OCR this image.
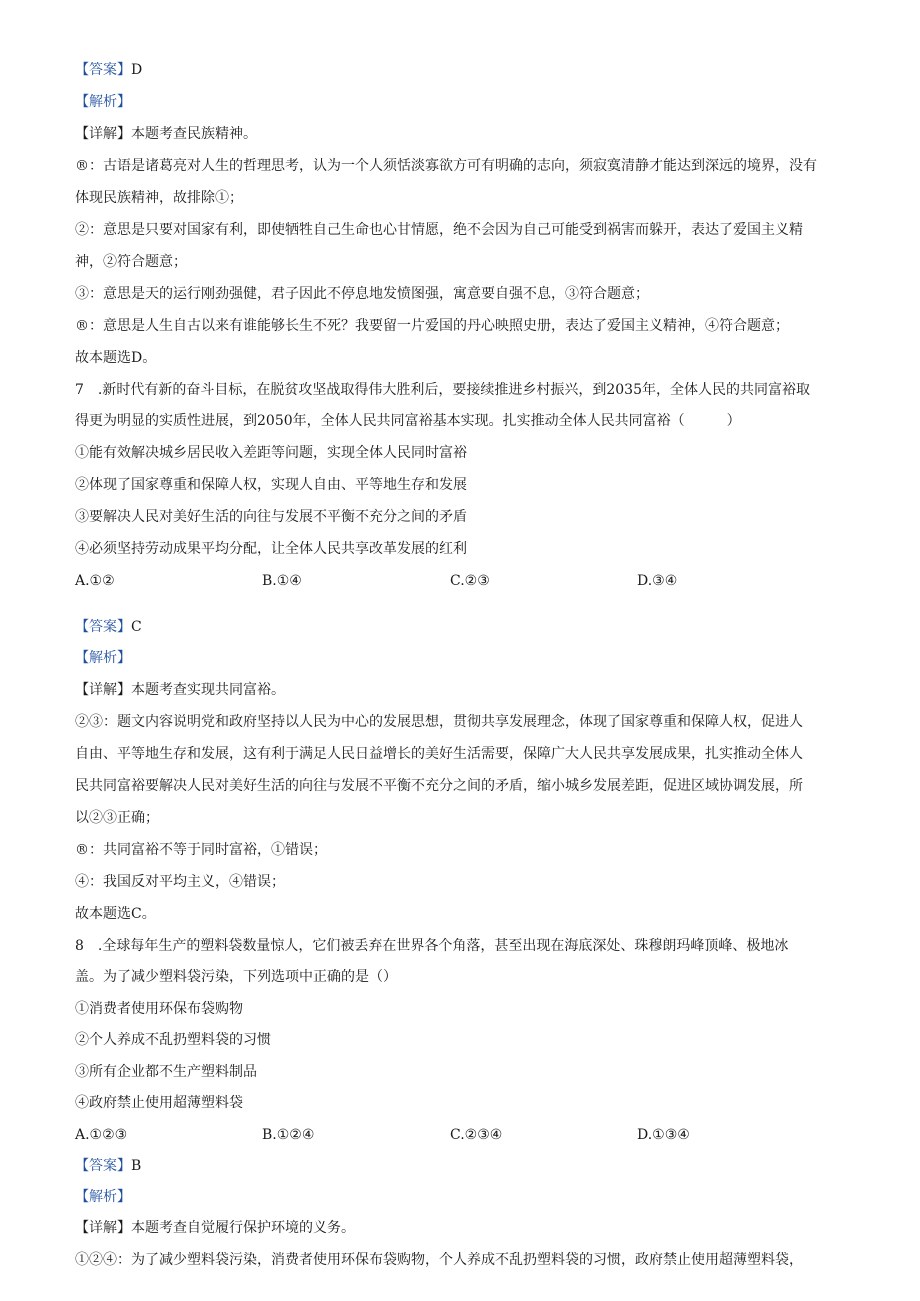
【答案】D
【解析】
【详解】本题考查民族精神。
®：古语是诸葛亮对人生的哲理思考，认为一个人须恬淡寡欲方可有明确的志向，须寂寞清静才能达到深远的境界，没有
体现民族精神，故排除①；
②：意思是只要对国家有利，即使牺牲自己生命也心甘情愿，绝不会因为自己可能受到祸害而躲开，表达了爱国主义精
神，②符合题意；
③：意思是天的运行刚劲强健，君子因此不停息地发愤图强，寓意要自强不息，③符合题意；
®：意思是人生自古以来有谁能够长生不死？我要留一片爱国的丹心映照史册，表达了爱国主义精神，④符合题意；
故本题选D。
7　.新时代有新的奋斗目标，在脱贫攻坚战取得伟大胜利后，要接续推进乡村振兴，到2035年，全体人民的共同富裕取
得更为明显的实质性进展，到2050年，全体人民共同富裕基本实现。扎实推动全体人民共同富裕（　　　）
①能有效解决城乡居民收入差距等问题，实现全体人民同时富裕
②体现了国家尊重和保障人权，实现人自由、平等地生存和发展
③要解决人民对美好生活的向往与发展不平衡不充分之间的矛盾
④必须坚持劳动成果平均分配，让全体人民共享改革发展的红利
A.①②	B.①④	C.②③	D.③④
【答案】C
【解析】
【详解】本题考查实现共同富裕。
②③：题文内容说明党和政府坚持以人民为中心的发展思想，贯彻共享发展理念，体现了国家尊重和保障人权，促进人
自由、平等地生存和发展，这有利于满足人民日益增长的美好生活需要，保障广大人民共享发展成果，扎实推动全体人
民共同富裕要解决人民对美好生活的向往与发展不平衡不充分之间的矛盾，缩小城乡发展差距，促进区域协调发展，所
以②③正确；
®：共同富裕不等于同时富裕，①错误；
④：我国反对平均主义，④错误；
故本题选C。
8　.全球每年生产的塑料袋数量惊人，它们被丢弃在世界各个角落，甚至出现在海底深处、珠穆朗玛峰顶峰、极地冰
盖。为了减少塑料袋污染，下列选项中正确的是（）
①消费者使用环保布袋购物
②个人养成不乱扔塑料袋的习惯
③所有企业都不生产塑料制品
④政府禁止使用超薄塑料袋
A.①②③	B.①②④	C.②③④	D.①③④
【答案】B
【解析】
【详解】本题考查自觉履行保护环境的义务。
①②④：为了减少塑料袋污染，消费者使用环保布袋购物，个人养成不乱扔塑料袋的习惯，政府禁止使用超薄塑料袋，
